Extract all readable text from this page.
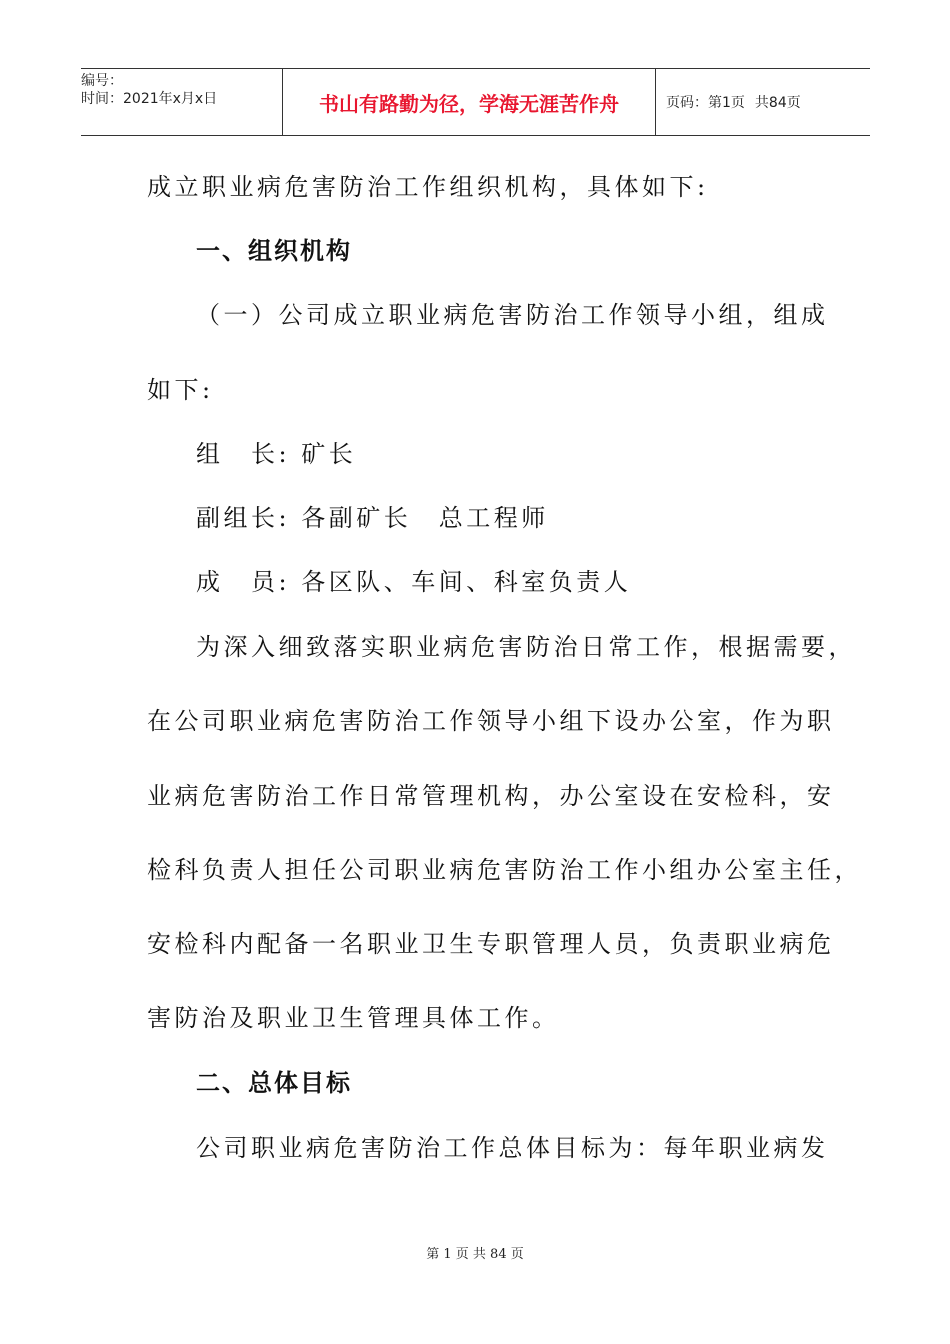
编号：
时间：2021年x月x日	书山有路勤为径，学海无涯苦作舟	页码：第1页 共84页
成立职业病危害防治工作组织机构，具体如下:
一、组织机构
（一）公司成立职业病危害防治工作领导小组，组成
如下:
组　长: 矿长
副组长: 各副矿长　总工程师
成　员: 各区队、车间、科室负责人
为深入细致落实职业病危害防治日常工作，根据需要，
在公司职业病危害防治工作领导小组下设办公室，作为职
业病危害防治工作日常管理机构，办公室设在安检科，安
检科负责人担任公司职业病危害防治工作小组办公室主任，
安检科内配备一名职业卫生专职管理人员，负责职业病危
害防治及职业卫生管理具体工作。
二、总体目标
公司职业病危害防治工作总体目标为：每年职业病发
第 1 页 共 84 页
